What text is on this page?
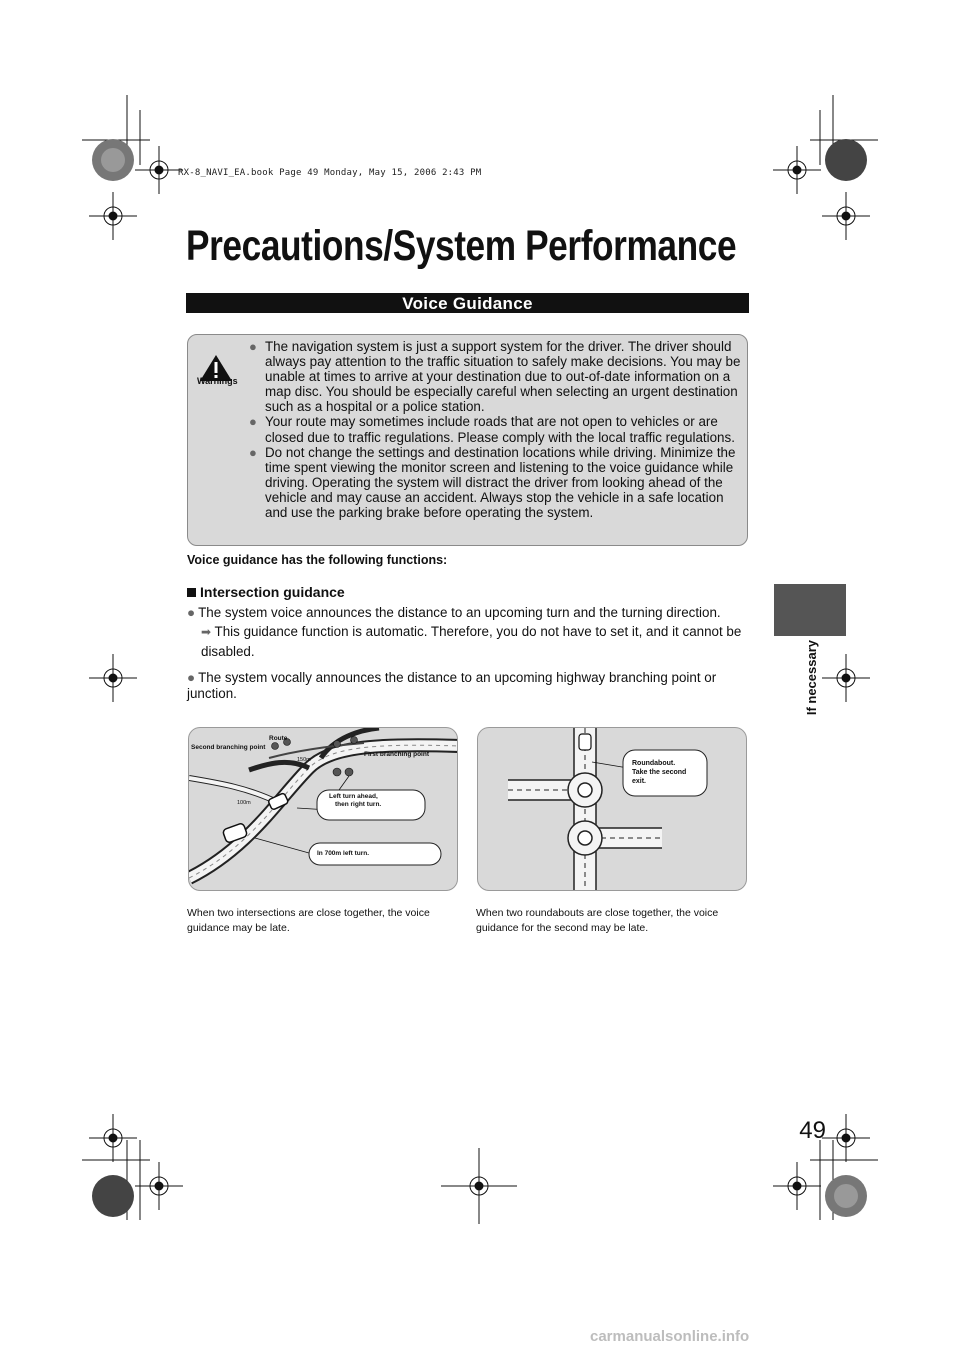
RX-8_NAVI_EA.book Page 49 Monday, May 15, 2006 2:43 PM
Precautions/System Performance
Voice Guidance
Warnings
● The navigation system is just a support system for the driver. The driver should always pay attention to the traffic situation to safely make decisions. You may be unable at times to arrive at your destination due to out-of-date information on a map disc. You should be especially careful when selecting an urgent destination such as a hospital or a police station.
● Your route may sometimes include roads that are not open to vehicles or are closed due to traffic regulations. Please comply with the local traffic regulations.
● Do not change the settings and destination locations while driving. Minimize the time spent viewing the monitor screen and listening to the voice guidance while driving. Operating the system will distract the driver from looking ahead of the vehicle and may cause an accident. Always stop the vehicle in a safe location and use the parking brake before operating the system.
Voice guidance has the following functions:
Intersection guidance
● The system voice announces the distance to an upcoming turn and the turning direction.
➡ This guidance function is automatic. Therefore, you do not have to set it, and it cannot be disabled.
● The system vocally announces the distance to an upcoming highway branching point or junction.
Route
Second branching point
First branching point
150m
100m
Left turn ahead,
then right turn.
In 700m left turn.
Roundabout.
Take the second
exit.
When two intersections are close together, the voice guidance may be late.
When two roundabouts are close together, the voice guidance for the second may be late.
If necessary
49
carmanualsonline.info
